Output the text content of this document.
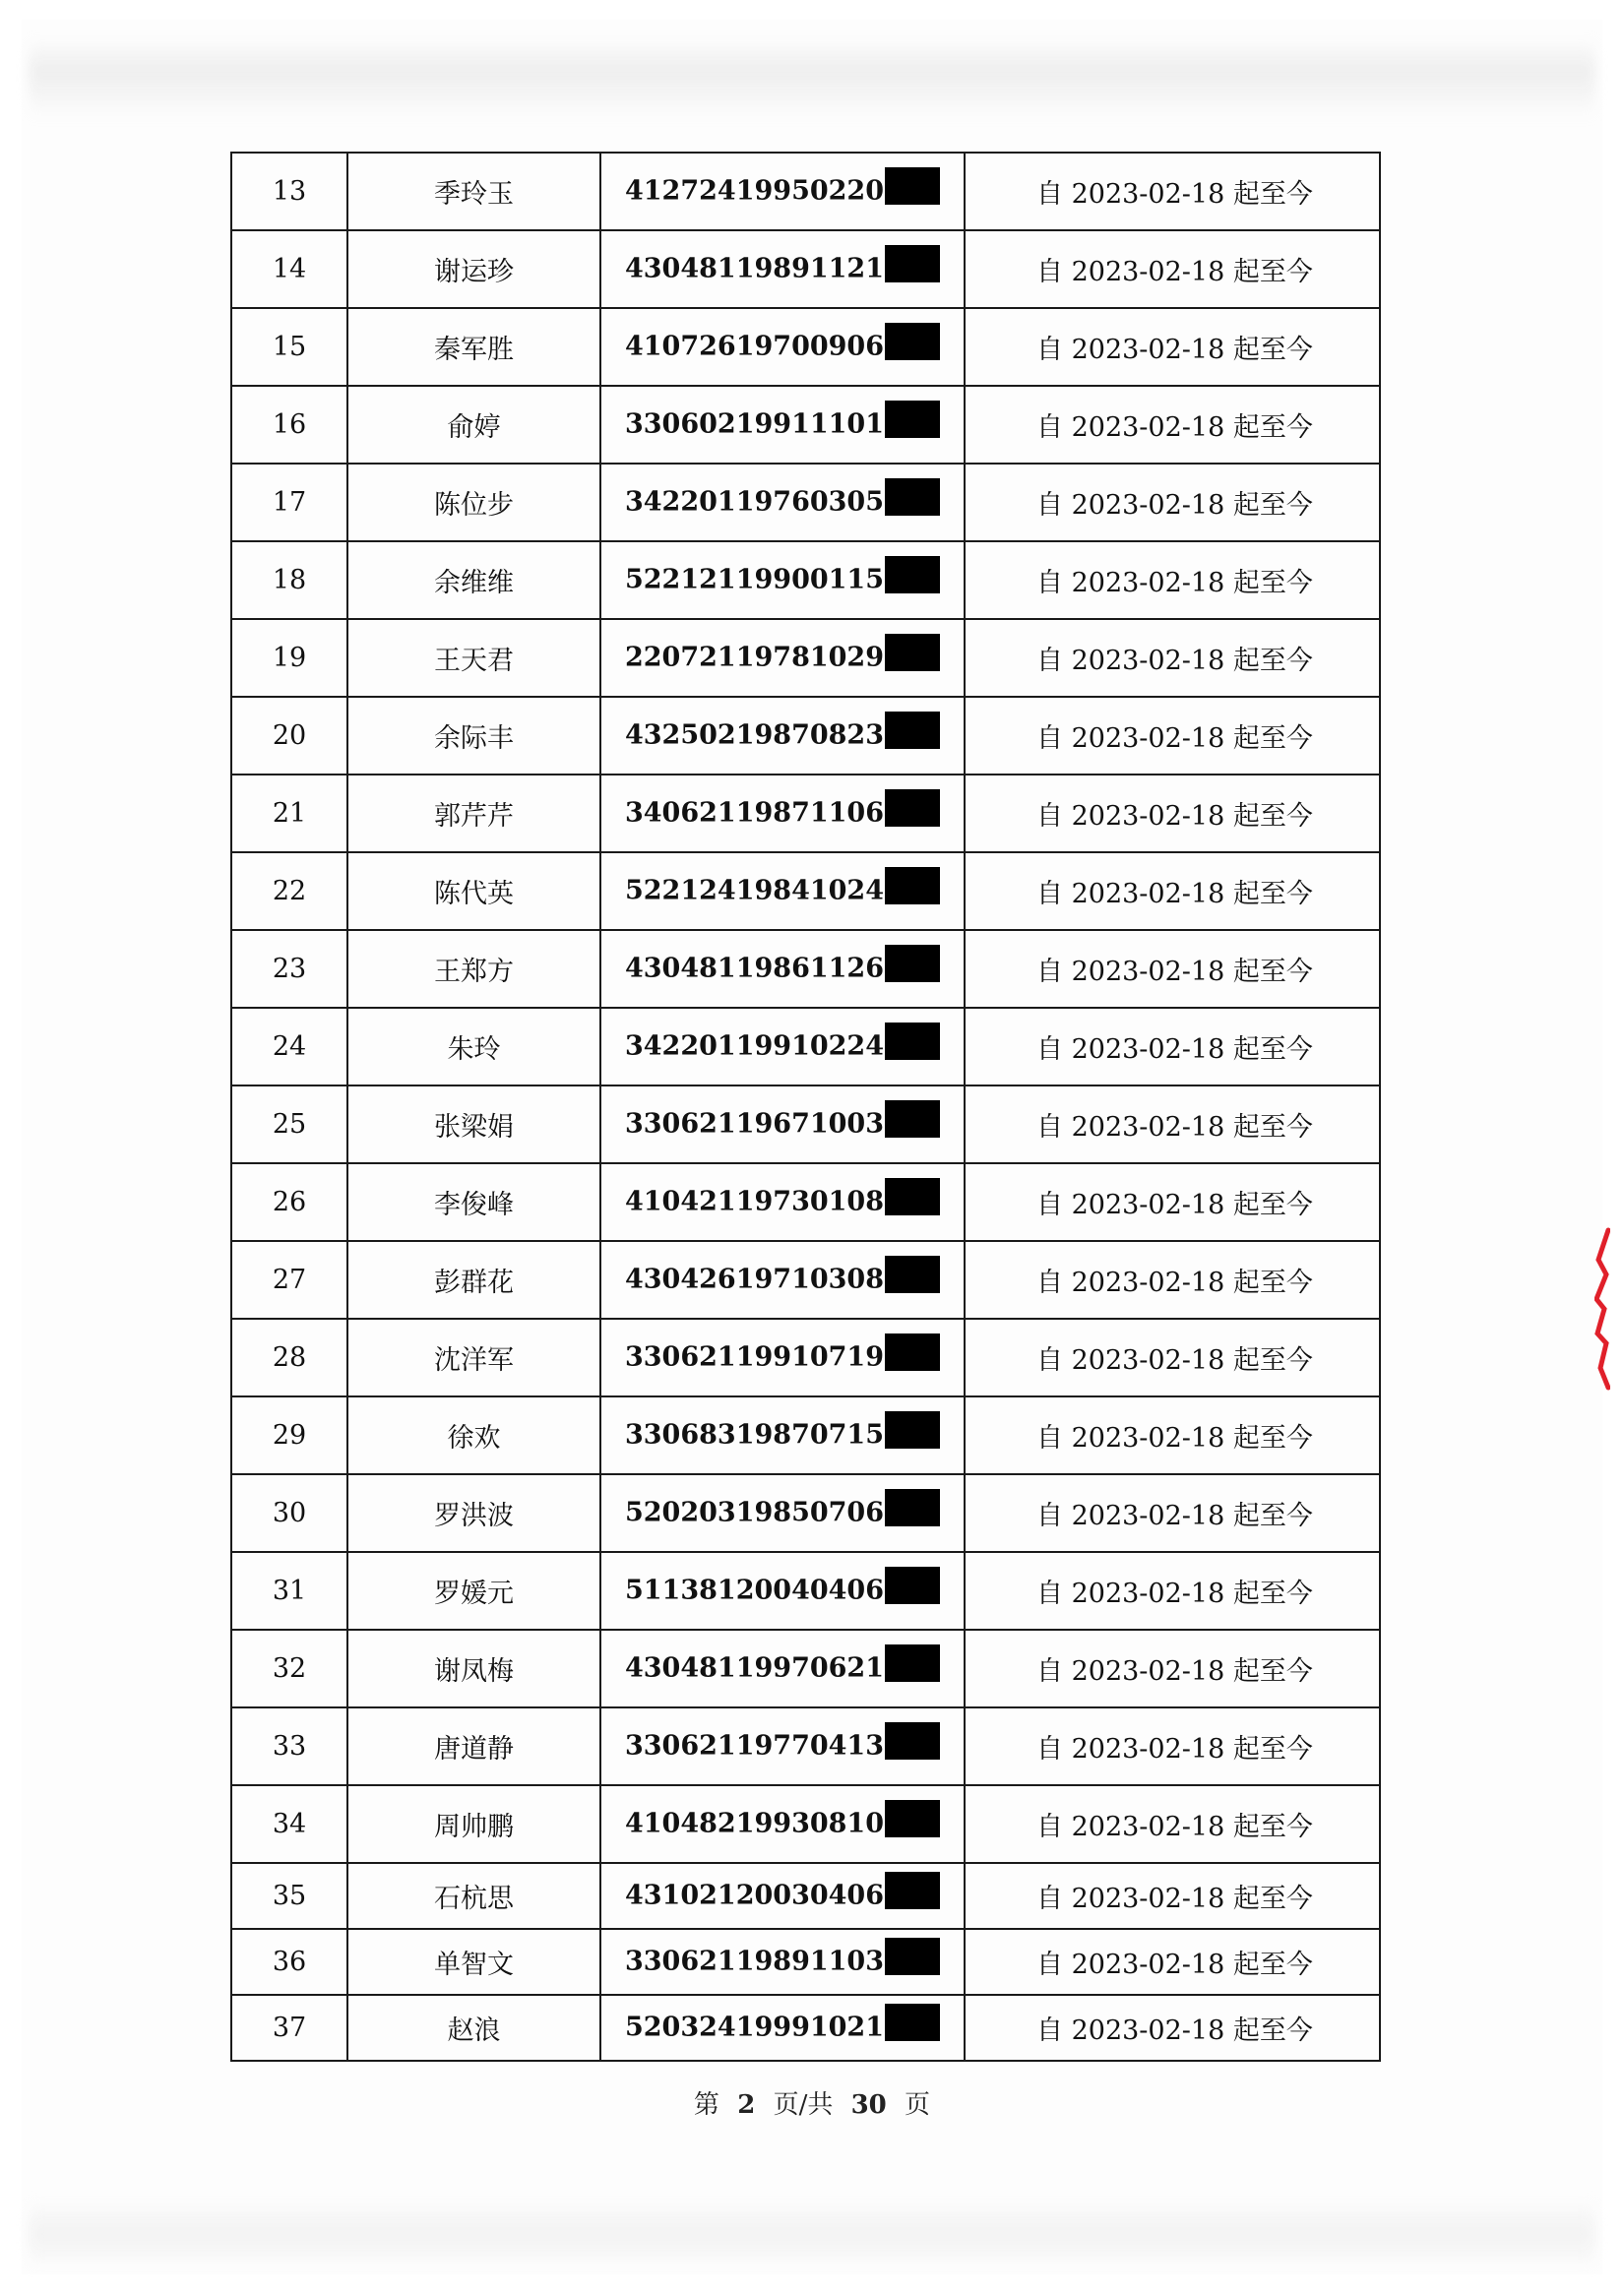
13	季玲玉	41272419950220	自 2023-02-18 起至今
14	谢运珍	43048119891121	自 2023-02-18 起至今
15	秦军胜	41072619700906	自 2023-02-18 起至今
16	俞婷	33060219911101	自 2023-02-18 起至今
17	陈位步	34220119760305	自 2023-02-18 起至今
18	余维维	52212119900115	自 2023-02-18 起至今
19	王天君	22072119781029	自 2023-02-18 起至今
20	余际丰	43250219870823	自 2023-02-18 起至今
21	郭芹芹	34062119871106	自 2023-02-18 起至今
22	陈代英	52212419841024	自 2023-02-18 起至今
23	王郑方	43048119861126	自 2023-02-18 起至今
24	朱玲	34220119910224	自 2023-02-18 起至今
25	张梁娟	33062119671003	自 2023-02-18 起至今
26	李俊峰	41042119730108	自 2023-02-18 起至今
27	彭群花	43042619710308	自 2023-02-18 起至今
28	沈洋军	33062119910719	自 2023-02-18 起至今
29	徐欢	33068319870715	自 2023-02-18 起至今
30	罗洪波	52020319850706	自 2023-02-18 起至今
31	罗媛元	51138120040406	自 2023-02-18 起至今
32	谢凤梅	43048119970621	自 2023-02-18 起至今
33	唐道静	33062119770413	自 2023-02-18 起至今
34	周帅鹏	41048219930810	自 2023-02-18 起至今
35	石杭思	43102120030406	自 2023-02-18 起至今
36	单智文	33062119891103	自 2023-02-18 起至今
37	赵浪	52032419991021	自 2023-02-18 起至今
第 2 页/共 30 页
